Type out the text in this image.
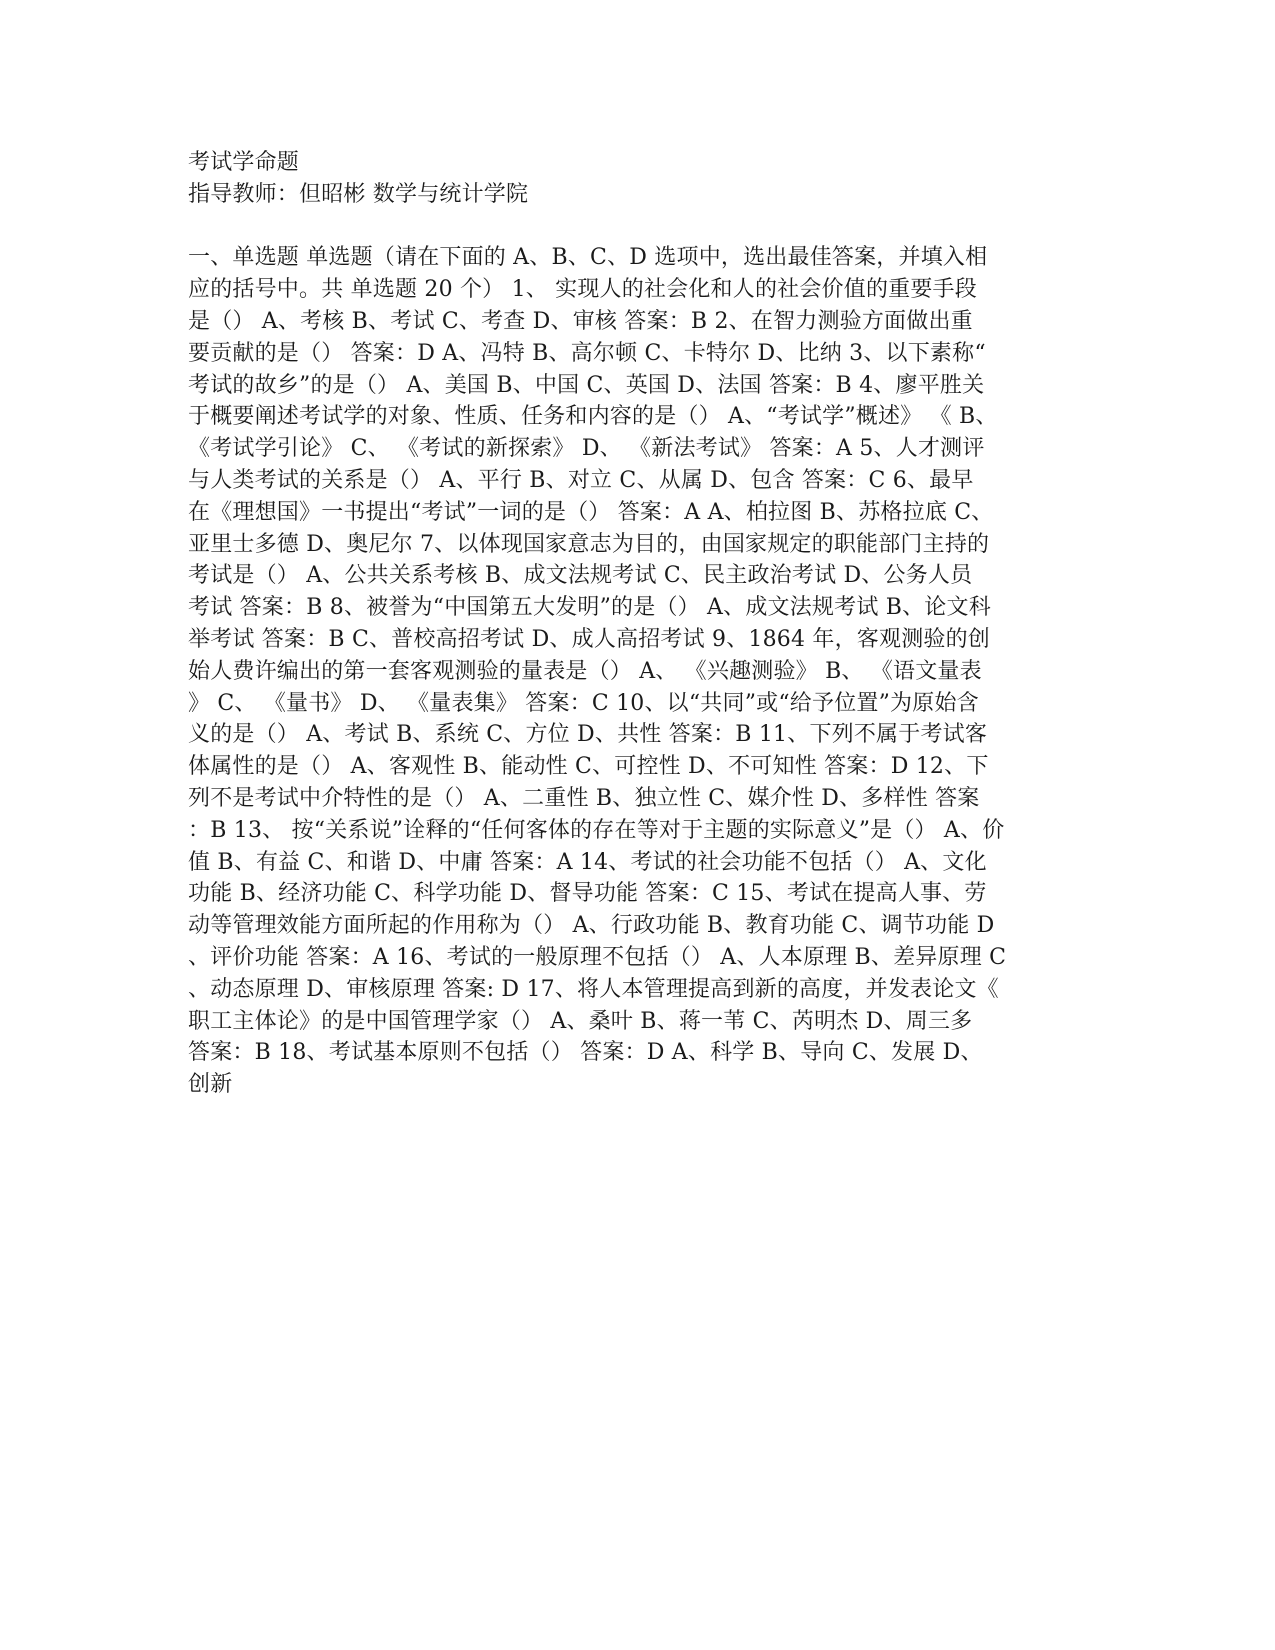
考试学命题
指导教师：但昭彬 数学与统计学院
一、单选题 单选题（请在下面的 A、B、C、D 选项中，选出最佳答案，并填入相
应的括号中。共 单选题 20 个） 1、 实现人的社会化和人的社会价值的重要手段
是（） A、考核 B、考试 C、考查 D、审核 答案：B 2、在智力测验方面做出重
要贡献的是（） 答案：D A、冯特 B、高尔顿 C、卡特尔 D、比纳 3、以下素称“
考试的故乡”的是（） A、美国 B、中国 C、英国 D、法国 答案：B 4、廖平胜关
于概要阐述考试学的对象、性质、任务和内容的是（） A、“考试学”概述》 《 B、
《考试学引论》 C、 《考试的新探索》 D、 《新法考试》 答案：A 5、人才测评
与人类考试的关系是（） A、平行 B、对立 C、从属 D、包含 答案：C 6、最早
在《理想国》一书提出“考试”一词的是（） 答案：A A、柏拉图 B、苏格拉底 C、
亚里士多德 D、奥尼尔 7、以体现国家意志为目的，由国家规定的职能部门主持的
考试是（） A、公共关系考核 B、成文法规考试 C、民主政治考试 D、公务人员
考试 答案：B 8、被誉为“中国第五大发明”的是（） A、成文法规考试 B、论文科
举考试 答案：B C、普校高招考试 D、成人高招考试 9、1864 年，客观测验的创
始人费许编出的第一套客观测验的量表是（） A、 《兴趣测验》 B、 《语文量表
》 C、 《量书》 D、 《量表集》 答案：C 10、以“共同”或“给予位置”为原始含
义的是（） A、考试 B、系统 C、方位 D、共性 答案：B 11、下列不属于考试客
体属性的是（） A、客观性 B、能动性 C、可控性 D、不可知性 答案：D 12、下
列不是考试中介特性的是（） A、二重性 B、独立性 C、媒介性 D、多样性 答案
：B 13、 按“关系说”诠释的“任何客体的存在等对于主题的实际意义”是（） A、价
值 B、有益 C、和谐 D、中庸 答案：A 14、考试的社会功能不包括（） A、文化
功能 B、经济功能 C、科学功能 D、督导功能 答案：C 15、考试在提高人事、劳
动等管理效能方面所起的作用称为（） A、行政功能 B、教育功能 C、调节功能 D
、评价功能 答案：A 16、考试的一般原理不包括（） A、人本原理 B、差异原理 C
、动态原理 D、审核原理 答案: D 17、将人本管理提高到新的高度，并发表论文《
职工主体论》的是中国管理学家（） A、桑叶 B、蒋一苇 C、芮明杰 D、周三多
答案：B 18、考试基本原则不包括（） 答案：D A、科学 B、导向 C、发展 D、
创新
